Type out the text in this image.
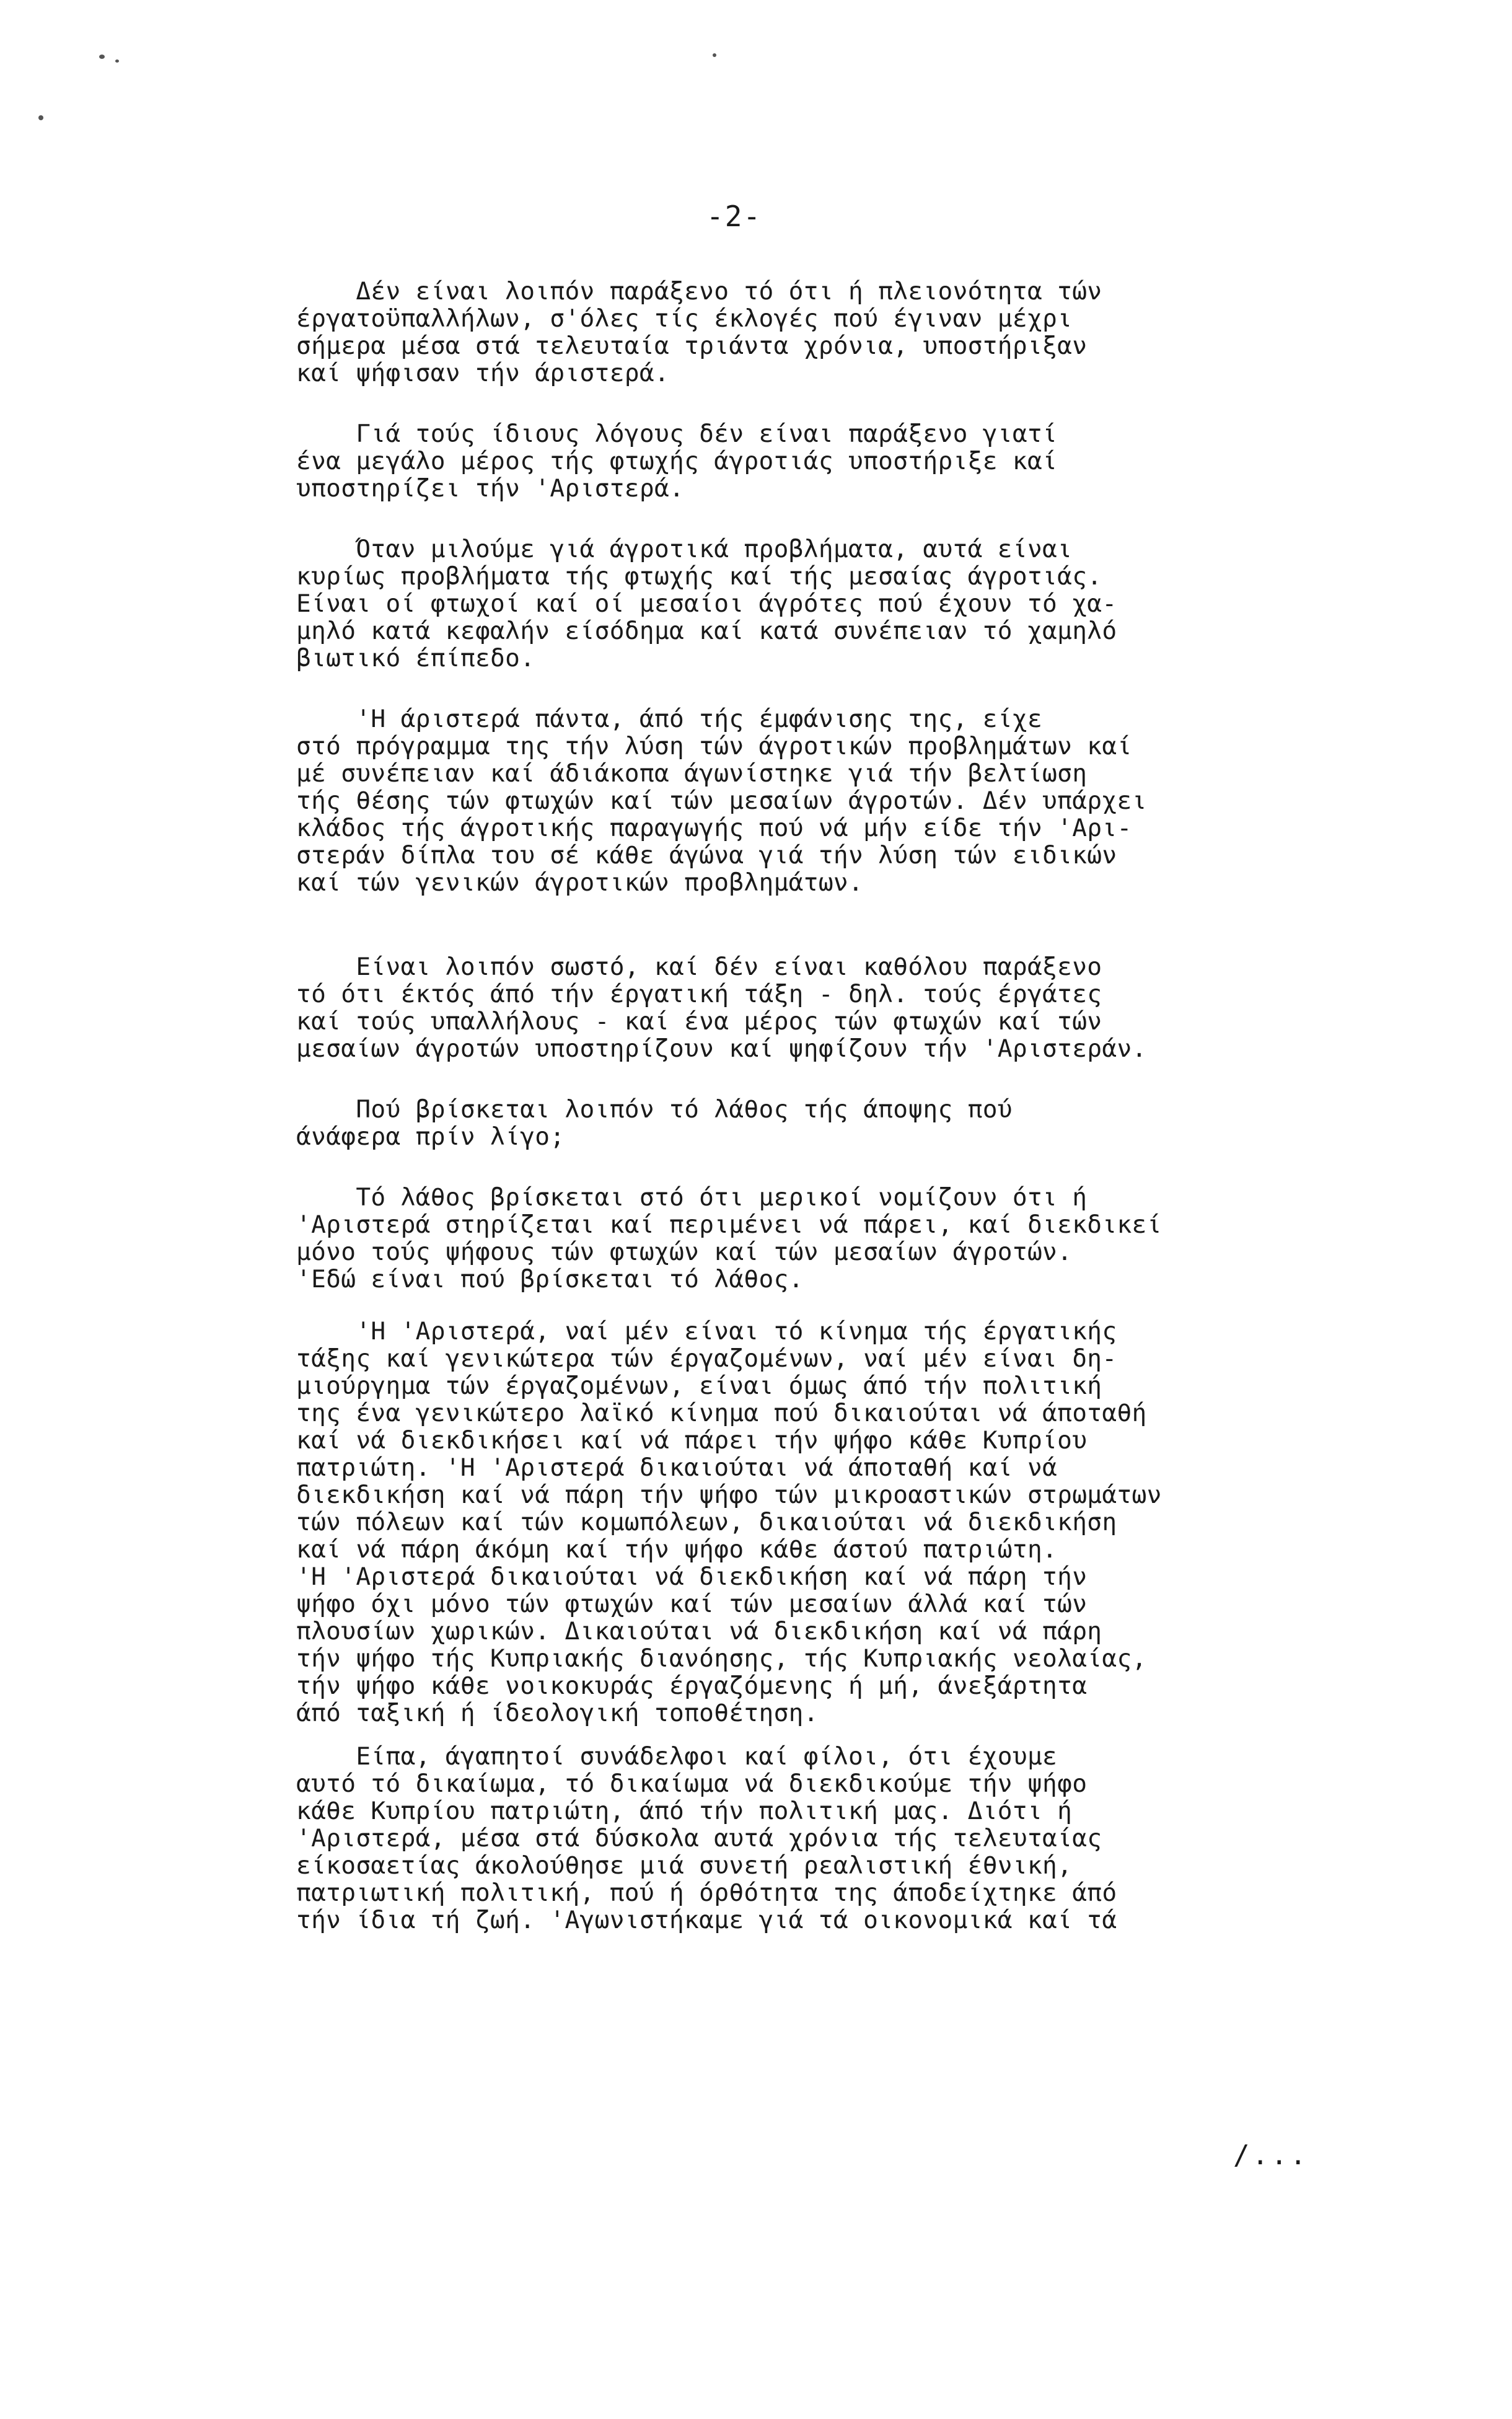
-2-
Δέν είναι λοιπόν παράξενο τό ότι ή πλειονότητα τών
έργατοϋπαλλήλων, σ'όλες τίς έκλογές πού έγιναν μέχρι
σήμερα μέσα στά τελευταία τριάντα χρόνια, υποστήριξαν
καί ψήφισαν τήν άριστερά.
Γιά τούς ίδιους λόγους δέν είναι παράξενο γιατί
ένα μεγάλο μέρος τής φτωχής άγροτιάς υποστήριξε καί
υποστηρίζει τήν 'Αριστερά.
Όταν μιλούμε γιά άγροτικά προβλήματα, αυτά είναι
κυρίως προβλήματα τής φτωχής καί τής μεσαίας άγροτιάς.
Είναι οί φτωχοί καί οί μεσαίοι άγρότες πού έχουν τό χα-
μηλό κατά κεφαλήν είσόδημα καί κατά συνέπειαν τό χαμηλό
βιωτικό έπίπεδο.
'Η άριστερά πάντα, άπό τής έμφάνισης της, είχε
στό πρόγραμμα της τήν λύση τών άγροτικών προβλημάτων καί
μέ συνέπειαν καί άδιάκοπα άγωνίστηκε γιά τήν βελτίωση
τής θέσης τών φτωχών καί τών μεσαίων άγροτών. Δέν υπάρχει
κλάδος τής άγροτικής παραγωγής πού νά μήν είδε τήν 'Αρι-
στεράν δίπλα του σέ κάθε άγώνα γιά τήν λύση τών ειδικών
καί τών γενικών άγροτικών προβλημάτων.
Είναι λοιπόν σωστό, καί δέν είναι καθόλου παράξενο
τό ότι έκτός άπό τήν έργατική τάξη - δηλ. τούς έργάτες
καί τούς υπαλλήλους - καί ένα μέρος τών φτωχών καί τών
μεσαίων άγροτών υποστηρίζουν καί ψηφίζουν τήν 'Αριστεράν.
Πού βρίσκεται λοιπόν τό λάθος τής άποψης πού
άνάφερα πρίν λίγο;
Τό λάθος βρίσκεται στό ότι μερικοί νομίζουν ότι ή
'Αριστερά στηρίζεται καί περιμένει νά πάρει, καί διεκδικεί
μόνο τούς ψήφους τών φτωχών καί τών μεσαίων άγροτών.
'Εδώ είναι πού βρίσκεται τό λάθος.
'Η 'Αριστερά, ναί μέν είναι τό κίνημα τής έργατικής
τάξης καί γενικώτερα τών έργαζομένων, ναί μέν είναι δη-
μιούργημα τών έργαζομένων, είναι όμως άπό τήν πολιτική
της ένα γενικώτερο λαϊκό κίνημα πού δικαιούται νά άποταθή
καί νά διεκδικήσει καί νά πάρει τήν ψήφο κάθε Κυπρίου
πατριώτη. 'Η 'Αριστερά δικαιούται νά άποταθή καί νά
διεκδικήση καί νά πάρη τήν ψήφο τών μικροαστικών στρωμάτων
τών πόλεων καί τών κομωπόλεων, δικαιούται νά διεκδικήση
καί νά πάρη άκόμη καί τήν ψήφο κάθε άστού πατριώτη.
'Η 'Αριστερά δικαιούται νά διεκδικήση καί νά πάρη τήν
ψήφο όχι μόνο τών φτωχών καί τών μεσαίων άλλά καί τών
πλουσίων χωρικών. Δικαιούται νά διεκδικήση καί νά πάρη
τήν ψήφο τής Κυπριακής διανόησης, τής Κυπριακής νεολαίας,
τήν ψήφο κάθε νοικοκυράς έργαζόμενης ή μή, άνεξάρτητα
άπό ταξική ή ίδεολογική τοποθέτηση.
Είπα, άγαπητοί συνάδελφοι καί φίλοι, ότι έχουμε
αυτό τό δικαίωμα, τό δικαίωμα νά διεκδικούμε τήν ψήφο
κάθε Κυπρίου πατριώτη, άπό τήν πολιτική μας. Διότι ή
'Αριστερά, μέσα στά δύσκολα αυτά χρόνια τής τελευταίας
είκοσαετίας άκολούθησε μιά συνετή ρεαλιστική έθνική,
πατριωτική πολιτική, πού ή όρθότητα της άποδείχτηκε άπό
τήν ίδια τή ζωή. 'Αγωνιστήκαμε γιά τά οικονομικά καί τά
/...
